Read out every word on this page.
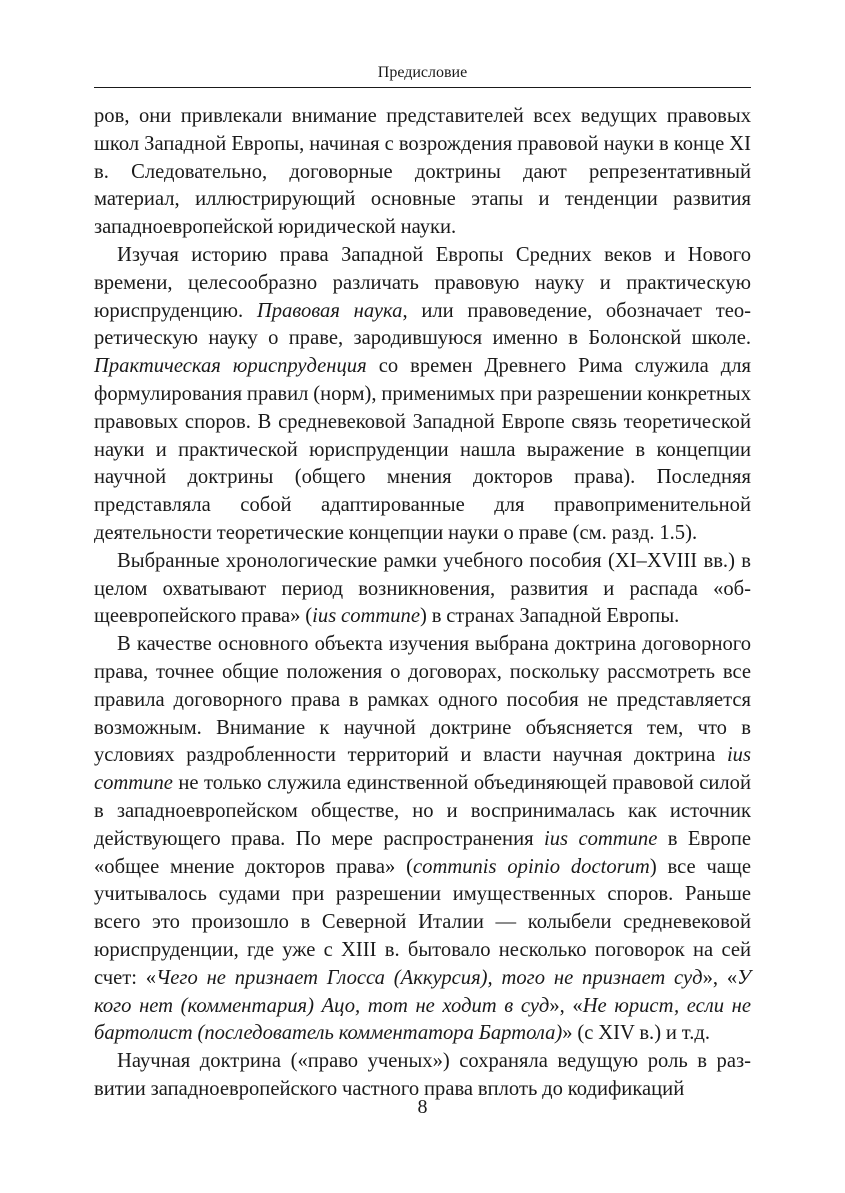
Предисловие

ров, они привлекали внимание представителей всех ведущих правовых школ Западной Европы, начиная с возрождения правовой науки в конце XI в. Следовательно, договорные доктрины дают репрезентативный материал, иллюстрирующий основные этапы и тенденции развития западноевропейской юридической науки.

Изучая историю права Западной Европы Средних веков и Нового времени, целесообразно различать правовую науку и практическую юриспруденцию. Правовая наука, или правоведение, обозначает теоретическую науку о праве, зародившуюся именно в Болонской школе. Практическая юриспруденция со времен Древнего Рима служила для формулирования правил (норм), применимых при разрешении конкретных правовых споров. В средневековой Западной Европе связь теоретической науки и практической юриспруденции нашла выражение в концепции научной доктрины (общего мнения докторов права). Последняя представляла собой адаптированные для правоприменительной деятельности теоретические концепции науки о праве (см. разд. 1.5).

Выбранные хронологические рамки учебного пособия (XI–XVIII вв.) в целом охватывают период возникновения, развития и распада «общеевропейского права» (ius commune) в странах Западной Европы.

В качестве основного объекта изучения выбрана доктрина договорного права, точнее общие положения о договорах, поскольку рассмотреть все правила договорного права в рамках одного пособия не представляется возможным. Внимание к научной доктрине объясняется тем, что в условиях раздробленности территорий и власти научная доктрина ius commune не только служила единственной объединяющей правовой силой в западноевропейском обществе, но и воспринималась как источник действующего права. По мере распространения ius commune в Европе «общее мнение докторов права» (communis opinio doctorum) все чаще учитывалось судами при разрешении имущественных споров. Раньше всего это произошло в Северной Италии — колыбели средневековой юриспруденции, где уже с XIII в. бытовало несколько поговорок на сей счет: «Чего не признает Глосса (Аккурсия), того не признает суд», «У кого нет (комментария) Ацо, тот не ходит в суд», «Не юрист, если не бартолист (последователь комментатора Бартола)» (с XIV в.) и т.д.

Научная доктрина («право ученых») сохраняла ведущую роль в развитии западноевропейского частного права вплоть до кодификаций

8
